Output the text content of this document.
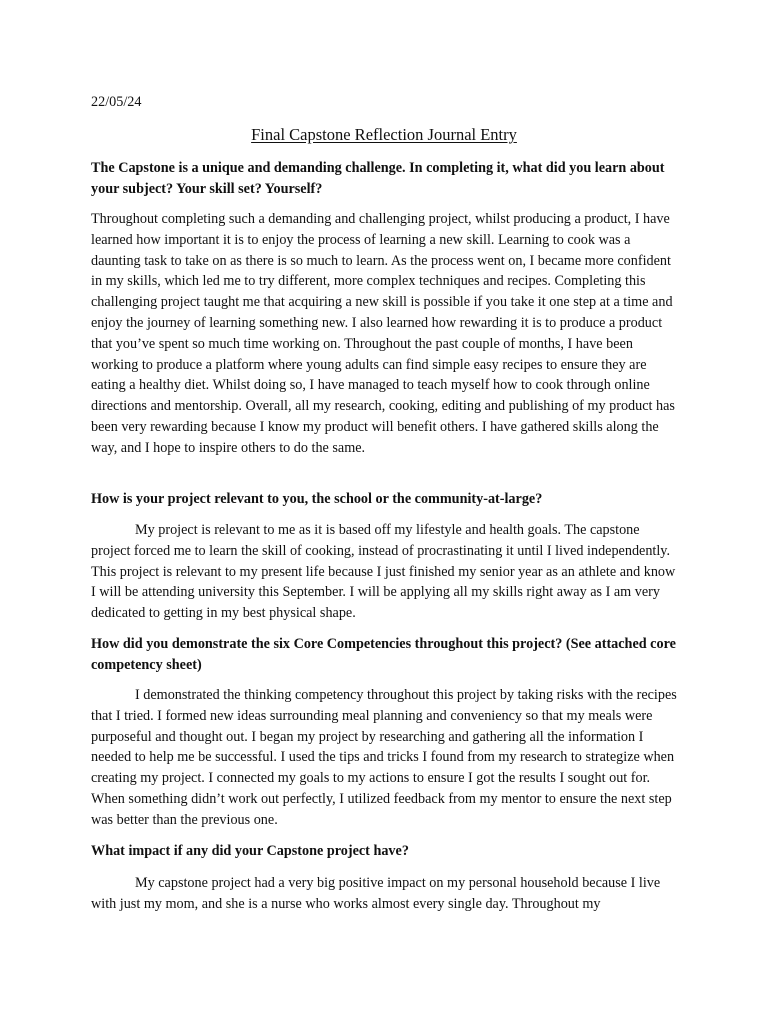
22/05/24
Final Capstone Reflection Journal Entry
The Capstone is a unique and demanding challenge. In completing it, what did you learn about your subject? Your skill set? Yourself?
Throughout completing such a demanding and challenging project, whilst producing a product, I have learned how important it is to enjoy the process of learning a new skill. Learning to cook was a daunting task to take on as there is so much to learn. As the process went on, I became more confident in my skills, which led me to try different, more complex techniques and recipes. Completing this challenging project taught me that acquiring a new skill is possible if you take it one step at a time and enjoy the journey of learning something new. I also learned how rewarding it is to produce a product that you’ve spent so much time working on. Throughout the past couple of months, I have been working to produce a platform where young adults can find simple easy recipes to ensure they are eating a healthy diet. Whilst doing so, I have managed to teach myself how to cook through online directions and mentorship. Overall, all my research, cooking, editing and publishing of my product has been very rewarding because I know my product will benefit others. I have gathered skills along the way, and I hope to inspire others to do the same.
How is your project relevant to you, the school or the community-at-large?
My project is relevant to me as it is based off my lifestyle and health goals. The capstone project forced me to learn the skill of cooking, instead of procrastinating it until I lived independently. This project is relevant to my present life because I just finished my senior year as an athlete and know I will be attending university this September. I will be applying all my skills right away as I am very dedicated to getting in my best physical shape.
How did you demonstrate the six Core Competencies throughout this project? (See attached core competency sheet)
I demonstrated the thinking competency throughout this project by taking risks with the recipes that I tried. I formed new ideas surrounding meal planning and conveniency so that my meals were purposeful and thought out. I began my project by researching and gathering all the information I needed to help me be successful. I used the tips and tricks I found from my research to strategize when creating my project. I connected my goals to my actions to ensure I got the results I sought out for. When something didn’t work out perfectly, I utilized feedback from my mentor to ensure the next step was better than the previous one.
What impact if any did your Capstone project have?
My capstone project had a very big positive impact on my personal household because I live with just my mom, and she is a nurse who works almost every single day. Throughout my
